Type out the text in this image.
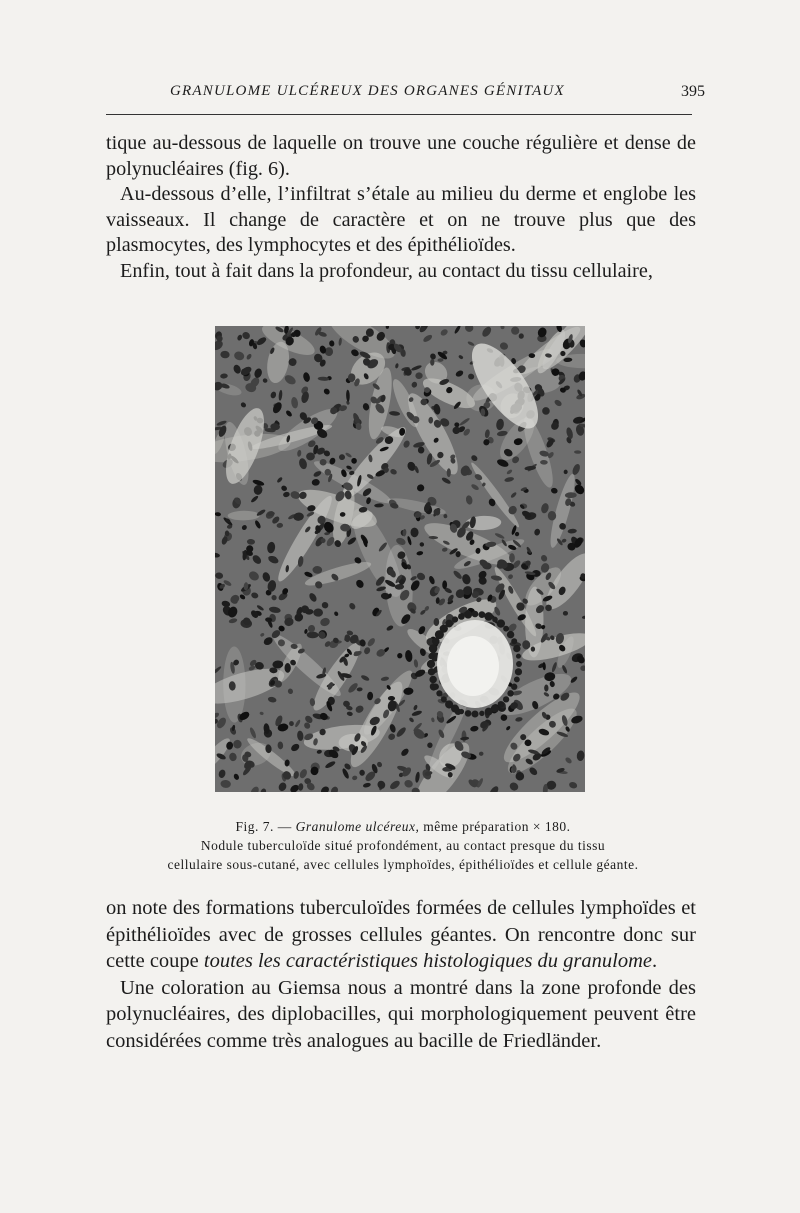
GRANULOME ULCÉREUX DES ORGANES GÉNITAUX	395

tique au-dessous de laquelle on trouve une couche régulière et dense de polynucléaires (fig. 6).

Au-dessous d’elle, l’infiltrat s’étale au milieu du derme et englobe les vaisseaux. Il change de caractère et on ne trouve plus que des plasmocytes, des lymphocytes et des épithélioïdes.

Enfin, tout à fait dans la profondeur, au contact du tissu cellulaire,

Fig. 7. — Granulome ulcéreux, même préparation × 180.
Nodule tuberculoïde situé profondément, au contact presque du tissu
cellulaire sous-cutané, avec cellules lymphoïdes, épithélioïdes et cellule géante.

on note des formations tuberculoïdes formées de cellules lymphoïdes et épithélioïdes avec de grosses cellules géantes. On rencontre donc sur cette coupe toutes les caractéristiques histologiques du granulome.

Une coloration au Giemsa nous a montré dans la zone profonde des polynucléaires, des diplobacilles, qui morphologiquement peuvent être considérées comme très analogues au bacille de Friedländer.
